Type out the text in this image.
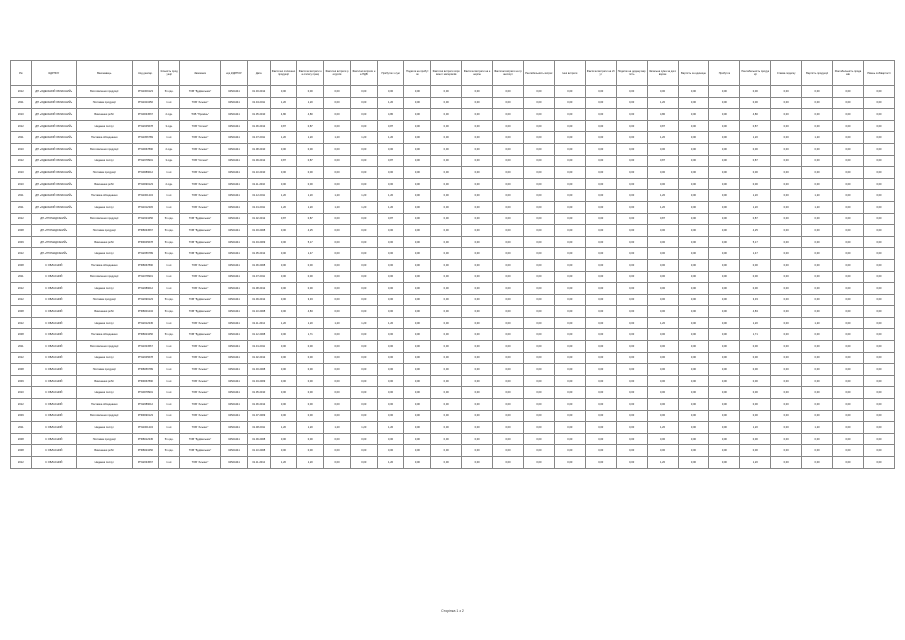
Рік	ЄДРПОУ	Виконавець	Код деклар.	Кількість продукції	Замовник	код ЄДРПОУ	Дата	Фактично сплачено продукції	Фактичні витрати на оплату праці	Фактичні витрати ресурсів	Фактичні витрати на ПДВ	Прибуток з сум	Податок на прибуток	Фактичні витрати сировини і матеріалів	Фактичні витрати на енергію	Фактичні витрати на транспорт	Рентабельність витрат	Інші витрати	Фактичні витрати на збут	Податок на додану вартість	Загальна сума за договором	Вартість за одиницю	Прибуток	Рентабельність продукції	Ставка податку	Вартість продукції	Рентабельність продажів	Рівень собівартості
2012	ДП «ОДЕСЬКИЙ ОБЛАСНИЙ»	Виготовлення продукції	РП11009123	51 одн.	ТОВ "Будівельник"	04524441	01.03.2012	0,00	0,00	0,00	0,00	0,00	0,00	0,00	0,00	0,00	0,00	0,00	0,00	0,00	0,00	0,00	0,00	0,00	0,00	0,00	0,00	0,00
2011	ДП «ОДЕСЬКИЙ ОБЛАСНИЙ»	Поставка продукції	РП11023456	1 шт.	ТОВ "Альянс"	04524441	01.04.2011	1,20	1,20	0,00	0,00	1,20	0,00	0,00	0,00	0,00	0,00	0,00	0,00	0,00	1,20	0,00	0,00	0,00	0,00	0,00	0,00	0,00
2010	ДП «ОДЕСЬКИЙ ОБЛАСНИЙ»	Виконання робіт	РП10034567	2 одн.	ТОВ "Промінь"	04524441	01.05.2010	4,80	4,80	0,00	0,00	4,80	0,00	0,00	0,00	0,00	0,00	0,00	0,00	0,00	4,80	0,00	0,00	4,80	0,00	0,00	0,00	0,00
2012	ДП «ОДЕСЬКИЙ ОБЛАСНИЙ»	Надання послуг	РП12045678	3 одн.	ТОВ "Сигнал"	04524441	01.06.2012	0,87	0,87	0,00	0,00	0,87	0,00	0,00	0,00	0,00	0,00	0,00	0,00	0,00	0,87	0,00	0,00	0,87	0,00	0,00	0,00	0,00
2011	ДП «ОДЕСЬКИЙ ОБЛАСНИЙ»	Поставка обладнання	РП11056789	1 шт.	ТОВ "Альянс"	04524441	01.07.2011	1,20	1,20	1,20	1,20	1,20	0,00	0,00	0,00	0,00	0,00	0,00	0,00	0,00	1,20	0,00	0,00	1,20	0,00	1,20	0,00	0,00
2010	ДП «ОДЕСЬКИЙ ОБЛАСНИЙ»	Виготовлення продукції	РП10067890	2 одн.	ТОВ "Альянс"	04524441	01.08.2010	0,00	0,00	0,00	0,00	0,00	0,00	0,00	0,00	0,00	0,00	0,00	0,00	0,00	0,00	0,00	0,00	0,00	0,00	0,00	0,00	0,00
2012	ДП «ОДЕСЬКИЙ ОБЛАСНИЙ»	Надання послуг	РП12078901	3 одн.	ТОВ "Сигнал"	04524441	01.09.2012	0,87	0,87	0,00	0,00	0,87	0,00	0,00	0,00	0,00	0,00	0,00	0,00	0,00	0,87	0,00	0,00	0,87	0,00	0,00	0,00	0,00
2010	ДП «ОДЕСЬКИЙ ОБЛАСНИЙ»	Поставка продукції	РП10089012	1 шт.	ТОВ "Альянс"	04524441	01.10.2010	0,00	0,00	0,00	0,00	0,00	0,00	0,00	0,00	0,00	0,00	0,00	0,00	0,00	0,00	0,00	0,00	0,00	0,00	0,00	0,00	0,00
2010	ДП «ОДЕСЬКИЙ ОБЛАСНИЙ»	Виконання робіт	РП10090123	2 одн.	ТОВ "Альянс"	04524441	01.11.2010	0,00	0,00	0,00	0,00	0,00	0,00	0,00	0,00	0,00	0,00	0,00	0,00	0,00	0,00	0,00	0,00	0,00	0,00	0,00	0,00	0,00
2011	ДП «ОДЕСЬКИЙ ОБЛАСНИЙ»	Поставка обладнання	РП11001234	1 шт.	ТОВ "Альянс"	04524441	01.12.2011	1,20	1,20	1,20	1,20	1,20	0,00	0,00	0,00	0,00	0,00	0,00	0,00	0,00	1,20	0,00	0,00	1,20	0,00	1,20	0,00	0,00
2011	ДП «ОДЕСЬКИЙ ОБЛАСНИЙ»	Надання послуг	РП11012345	1 шт.	ТОВ "Альянс"	04524441	01.01.2011	1,20	1,20	1,20	1,20	1,20	0,00	0,00	0,00	0,00	0,00	0,00	0,00	0,00	1,20	0,00	0,00	1,20	0,00	1,20	0,00	0,00
2012	ДП «ГРОМАДСЬКИЙ»	Виготовлення продукції	РП12023456	51 одн.	ТОВ "Будівельник"	04524441	01.02.2012	0,87	0,87	0,00	0,00	0,87	0,00	0,00	0,00	0,00	0,00	0,00	0,00	0,00	0,87	0,00	0,00	0,87	0,00	0,00	0,00	0,00
2008	ДП «ГРОМАДСЬКИЙ»	Поставка продукції	РП08034567	51 одн.	ТОВ "Будівельник"	04524441	01.03.2008	0,00	4,25	0,00	0,00	0,00	0,00	0,00	0,00	0,00	0,00	0,00	0,00	0,00	0,00	0,00	0,00	4,25	0,00	0,00	0,00	0,00
2009	ДП «ГРОМАДСЬКИЙ»	Виконання робіт	РП09045678	51 одн.	ТОВ "Будівельник"	04524441	01.04.2009	0,00	5,17	0,00	0,00	0,00	0,00	0,00	0,00	0,00	0,00	0,00	0,00	0,00	0,00	0,00	0,00	5,17	0,00	0,00	0,00	0,00
2012	ДП «ГРОМАДСЬКИЙ»	Надання послуг	РП12056789	51 одн.	ТОВ "Будівельник"	04524441	01.05.2012	0,00	1,47	0,00	0,00	0,00	0,00	0,00	0,00	0,00	0,00	0,00	0,00	0,00	0,00	0,00	0,00	1,47	0,00	0,00	0,00	0,00
2008	С ОБЛАСНИЙ	Поставка обладнання	РП08067890	1 шт.	ТОВ "Альянс"	04524441	01.06.2008	0,00	0,00	0,00	0,00	0,00	0,00	0,00	0,00	0,00	0,00	0,00	0,00	0,00	0,00	0,00	0,00	0,00	0,00	0,00	0,00	0,00
2011	С ОБЛАСНИЙ	Виготовлення продукції	РП11078901	1 шт.	ТОВ "Альянс"	04524441	01.07.2011	0,00	0,00	0,00	0,00	0,00	0,00	0,00	0,00	0,00	0,00	0,00	0,00	0,00	0,00	0,00	0,00	0,00	0,00	0,00	0,00	0,00
2012	С ОБЛАСНИЙ	Надання послуг	РП12089012	1 шт.	ТОВ "Альянс"	04524441	01.08.2012	0,00	0,00	0,00	0,00	0,00	0,00	0,00	0,00	0,00	0,00	0,00	0,00	0,00	0,00	0,00	0,00	0,00	0,00	0,00	0,00	0,00
2012	С ОБЛАСНИЙ	Поставка продукції	РП12090123	51 одн.	ТОВ "Будівельник"	04524441	01.09.2012	0,00	3,33	0,00	0,00	0,00	0,00	0,00	0,00	0,00	0,00	0,00	0,00	0,00	0,00	0,00	0,00	3,33	0,00	0,00	0,00	0,00
2008	С ОБЛАСНИЙ	Виконання робіт	РП08001234	51 одн.	ТОВ "Будівельник"	04524441	01.10.2008	0,00	4,83	0,00	0,00	0,00	0,00	0,00	0,00	0,00	0,00	0,00	0,00	0,00	0,00	0,00	0,00	4,83	0,00	0,00	0,00	0,00
2012	С ОБЛАСНИЙ	Надання послуг	РП12012345	1 шт.	ТОВ "Альянс"	04524441	01.11.2012	1,20	1,20	1,20	1,20	1,20	0,00	0,00	0,00	0,00	0,00	0,00	0,00	0,00	1,20	0,00	0,00	1,20	0,00	1,20	0,00	0,00
2008	С ОБЛАСНИЙ	Поставка обладнання	РП08023456	51 одн.	ТОВ "Будівельник"	04524441	01.12.2008	0,00	1,71	0,00	0,00	0,00	0,00	0,00	0,00	0,00	0,00	0,00	0,00	0,00	0,00	0,00	0,00	1,71	0,00	0,00	0,00	0,00
2011	С ОБЛАСНИЙ	Виготовлення продукції	РП11034567	1 шт.	ТОВ "Альянс"	04524441	01.01.2011	0,00	0,00	0,00	0,00	0,00	0,00	0,00	0,00	0,00	0,00	0,00	0,00	0,00	0,00	0,00	0,00	0,00	0,00	0,00	0,00	0,00
2012	С ОБЛАСНИЙ	Надання послуг	РП12045678	1 шт.	ТОВ "Альянс"	04524441	01.02.2012	0,00	0,00	0,00	0,00	0,00	0,00	0,00	0,00	0,00	0,00	0,00	0,00	0,00	0,00	0,00	0,00	0,00	0,00	0,00	0,00	0,00
2008	С ОБЛАСНИЙ	Поставка продукції	РП08056789	1 шт.	ТОВ "Альянс"	04524441	01.03.2008	0,00	0,00	0,00	0,00	0,00	0,00	0,00	0,00	0,00	0,00	0,00	0,00	0,00	0,00	0,00	0,00	0,00	0,00	0,00	0,00	0,00
2009	С ОБЛАСНИЙ	Виконання робіт	РП09067890	1 шт.	ТОВ "Альянс"	04524441	01.04.2009	0,00	0,00	0,00	0,00	0,00	0,00	0,00	0,00	0,00	0,00	0,00	0,00	0,00	0,00	0,00	0,00	0,00	0,00	0,00	0,00	0,00
2010	С ОБЛАСНИЙ	Надання послуг	РП10078901	1 шт.	ТОВ "Альянс"	04524441	01.05.2010	0,00	0,00	0,00	0,00	0,00	0,00	0,00	0,00	0,00	0,00	0,00	0,00	0,00	0,00	0,00	0,00	0,00	0,00	0,00	0,00	0,00
2012	С ОБЛАСНИЙ	Поставка обладнання	РП12089012	1 шт.	ТОВ "Альянс"	04524441	01.06.2012	0,00	0,00	0,00	0,00	0,00	0,00	0,00	0,00	0,00	0,00	0,00	0,00	0,00	0,00	0,00	0,00	0,00	0,00	0,00	0,00	0,00
2009	С ОБЛАСНИЙ	Виготовлення продукції	РП09090123	1 шт.	ТОВ "Альянс"	04524441	01.07.2009	0,00	0,00	0,00	0,00	0,00	0,00	0,00	0,00	0,00	0,00	0,00	0,00	0,00	0,00	0,00	0,00	0,00	0,00	0,00	0,00	0,00
2011	С ОБЛАСНИЙ	Надання послуг	РП11001234	1 шт.	ТОВ "Альянс"	04524441	01.08.2011	1,20	1,20	1,20	1,20	1,20	0,00	0,00	0,00	0,00	0,00	0,00	0,00	0,00	1,20	0,00	0,00	1,20	0,00	1,20	0,00	0,00
2008	С ОБЛАСНИЙ	Поставка продукції	РП08012345	51 одн.	ТОВ "Будівельник"	04524441	01.09.2008	0,00	0,00	0,00	0,00	0,00	0,00	0,00	0,00	0,00	0,00	0,00	0,00	0,00	0,00	0,00	0,00	0,00	0,00	0,00	0,00	0,00
2008	С ОБЛАСНИЙ	Виконання робіт	РП08023456	51 одн.	ТОВ "Будівельник"	04524441	01.10.2008	0,00	0,00	0,00	0,00	0,00	0,00	0,00	0,00	0,00	0,00	0,00	0,00	0,00	0,00	0,00	0,00	0,00	0,00	0,00	0,00	0,00
2012	С ОБЛАСНИЙ	Надання послуг	РП12034567	1 шт.	ТОВ "Альянс"	04524441	01.11.2012	1,20	1,20	0,00	0,00	1,20	0,00	0,00	0,00	0,00	0,00	0,00	0,00	0,00	1,20	0,00	0,00	1,20	0,00	0,00	0,00	0,00
Сторінка 1 з 2
